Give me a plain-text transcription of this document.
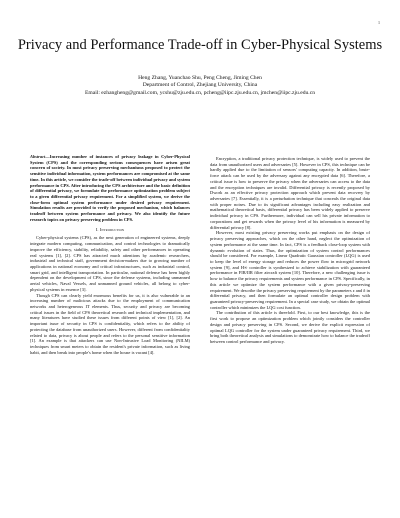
1
Privacy and Performance Trade-off in Cyber-Physical Systems
Heng Zhang, Yuanchao Shu, Peng Cheng, Jiming Chen
Department of Control, Zhejiang University, China
Email: ezhangheng@gmail.com, ycshu@zju.edu.cn, pcheng@iipc.zju.edu.cn, jmchen@iipc.zju.edu.cn

Abstract—Increasing number of instances of privacy leakage in Cyber-Physical System (CPS) and the corresponding serious consequences have arisen great concern of society. In most privacy preserving mechanisms proposed to protect the sensitive individual information, system performances are compromised at the same time. In this article, we consider the trade-off between individual privacy and system performance in CPS. After introducing the CPS architecture and the basic definition of differential privacy, we formulate the performance optimization problem subject to a given differential privacy requirement. For a simplified system, we derive the close-form optimal system performance under desired privacy requirement. Simulation results are provided to verify the proposed mechanism, which balances tradeoff between system performance and privacy. We also identify the future research topics on privacy preserving problem in CPS.

I. Introduction

Cyber-physical systems (CPS), as the next generation of engineered systems, deeply integrate modern computing, communication, and control technologies to dramatically improve the efficiency, stability, reliability, safety and other performances in operating real systems [1], [2]. CPS has attracted much attentions by academic researchers, industrial and technical staff, government decision-makers due to growing number of applications in national economy and critical infrastructures, such as industrial control, smart grid, and intelligent transportation. In particular, national defense has been highly dependent on the development of CPS, since the defense systems, including unmanned aerial vehicles, Naval Vessels, and unmanned ground vehicles, all belong to cyber-physical systems in essence [3].

Though CPS can clearly yield enormous benefits for us, it is also vulnerable to an increasing number of malicious attacks due to the employment of communication networks and heterogeneous IT elements. Thus, security and privacy are becoming critical issues in the field of CPS theoretical research and technical implementation, and many literatures have studied these issues from different points of view [1], [2]. An important issue of security in CPS is confidentiality, which refers to the ability of protecting the database from unauthorized users. However, different from confidentiality related to data, privacy is about people and refers to the personal sensitive information [1]. An example is that attackers can use Non-Intrusive Load Monitoring (NILM) techniques from smart meters to obtain the resident's private information, such as living habit, and then break into people's home when the house is vacant [4].

Encryption, a traditional privacy protection technique, is widely used to prevent the data from unauthorized users and adversaries [5]. However in CPS, this technique can be hardly applied due to the limitation of sensors' computing capacity. In addition, brute-force attack can be used by the adversary against any encrypted data [6]. Therefore, a critical issue is how to preserve the privacy when the adversaries can access to the data and the encryption techniques are invalid. Differential privacy is recently proposed by Dwork as an effective privacy protection approach which prevent data recovery by adversaries [7]. Essentially, it is a perturbation technique that conceals the original data with proper noises. Due to its significant advantages including easy realization and mathematical theoretical basis, differential privacy has been widely applied to preserve individual privacy in CPS. Furthermore, individual can sell his private information to corporations and get rewards when the privacy level of his information is measured by differential privacy [8].

However, most existing privacy preserving works put emphasis on the design of privacy preserving approaches, which on the other hand, neglect the optimization of system performance at the same time. In fact, CPS is a feedback close-loop system with dynamic evolution of states. Thus, the optimization of system control performances should be considered. For example, Linear Quadratic Gaussian controller (LQG) is used to keep the level of energy storage and reduces the power flow in microgrid network system [9], and H∞ controller is synthesized to achieve stabilization with guaranteed performance in FIR/IIR filter aircraft system [10]. Therefore, a new challenging issue is how to balance the privacy requirements and system performance in CPS. Specifically, in this article we optimize the system performance with a given privacy-preserving requirement. We describe the privacy preserving requirement by the parameters ε and δ in differential privacy, and then formulate an optimal controller design problem with guaranteed privacy-preserving requirement. In a special case study, we obtain the optimal controller which minimizes the LQG cost function.

The contribution of this article is threefold. First, to our best knowledge, this is the first work to propose an optimization problem which jointly considers the controller design and privacy preserving in CPS. Second, we derive the explicit expression of optimal LQG controller for the system under guaranteed privacy requirement. Third, we bring both theoretical analysis and simulations to demonstrate how to balance the tradeoff between control performance and privacy.
